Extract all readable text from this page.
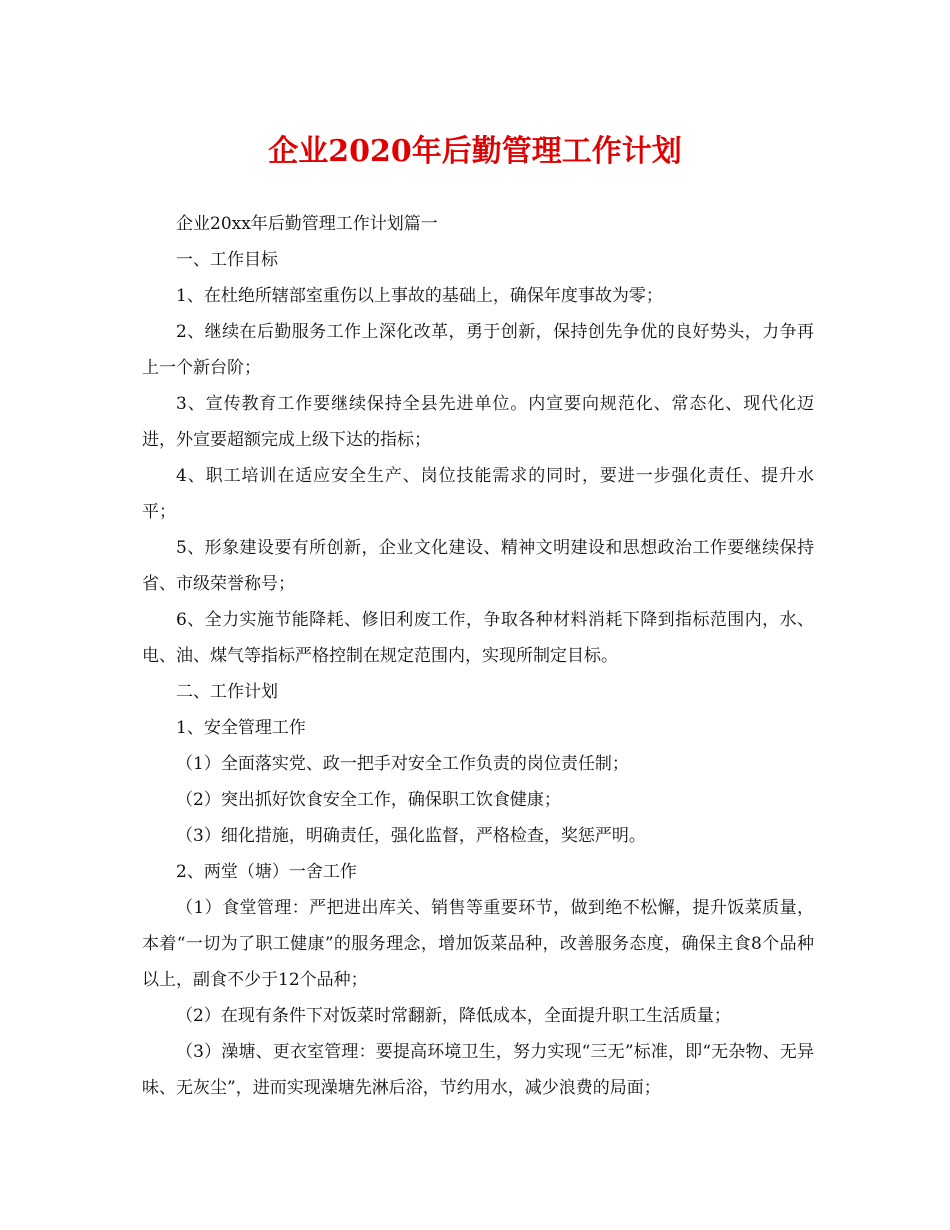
企业2020年后勤管理工作计划

企业20xx年后勤管理工作计划篇一

一、工作目标

1、在杜绝所辖部室重伤以上事故的基础上，确保年度事故为零；

2、继续在后勤服务工作上深化改革，勇于创新，保持创先争优的良好势头，力争再上一个新台阶；

3、宣传教育工作要继续保持全县先进单位。内宣要向规范化、常态化、现代化迈进，外宣要超额完成上级下达的指标；

4、职工培训在适应安全生产、岗位技能需求的同时，要进一步强化责任、提升水平；

5、形象建设要有所创新，企业文化建设、精神文明建设和思想政治工作要继续保持省、市级荣誉称号；

6、全力实施节能降耗、修旧利废工作，争取各种材料消耗下降到指标范围内，水、电、油、煤气等指标严格控制在规定范围内，实现所制定目标。

二、工作计划

1、安全管理工作

（1）全面落实党、政一把手对安全工作负责的岗位责任制；

（2）突出抓好饮食安全工作，确保职工饮食健康；

（3）细化措施，明确责任，强化监督，严格检查，奖惩严明。

2、两堂（塘）一舍工作

（1）食堂管理：严把进出库关、销售等重要环节，做到绝不松懈，提升饭菜质量，本着“一切为了职工健康”的服务理念，增加饭菜品种，改善服务态度，确保主食8个品种以上，副食不少于12个品种；

（2）在现有条件下对饭菜时常翻新，降低成本，全面提升职工生活质量；

（3）澡塘、更衣室管理：要提高环境卫生，努力实现“三无”标准，即“无杂物、无异味、无灰尘”，进而实现澡塘先淋后浴，节约用水，减少浪费的局面；
